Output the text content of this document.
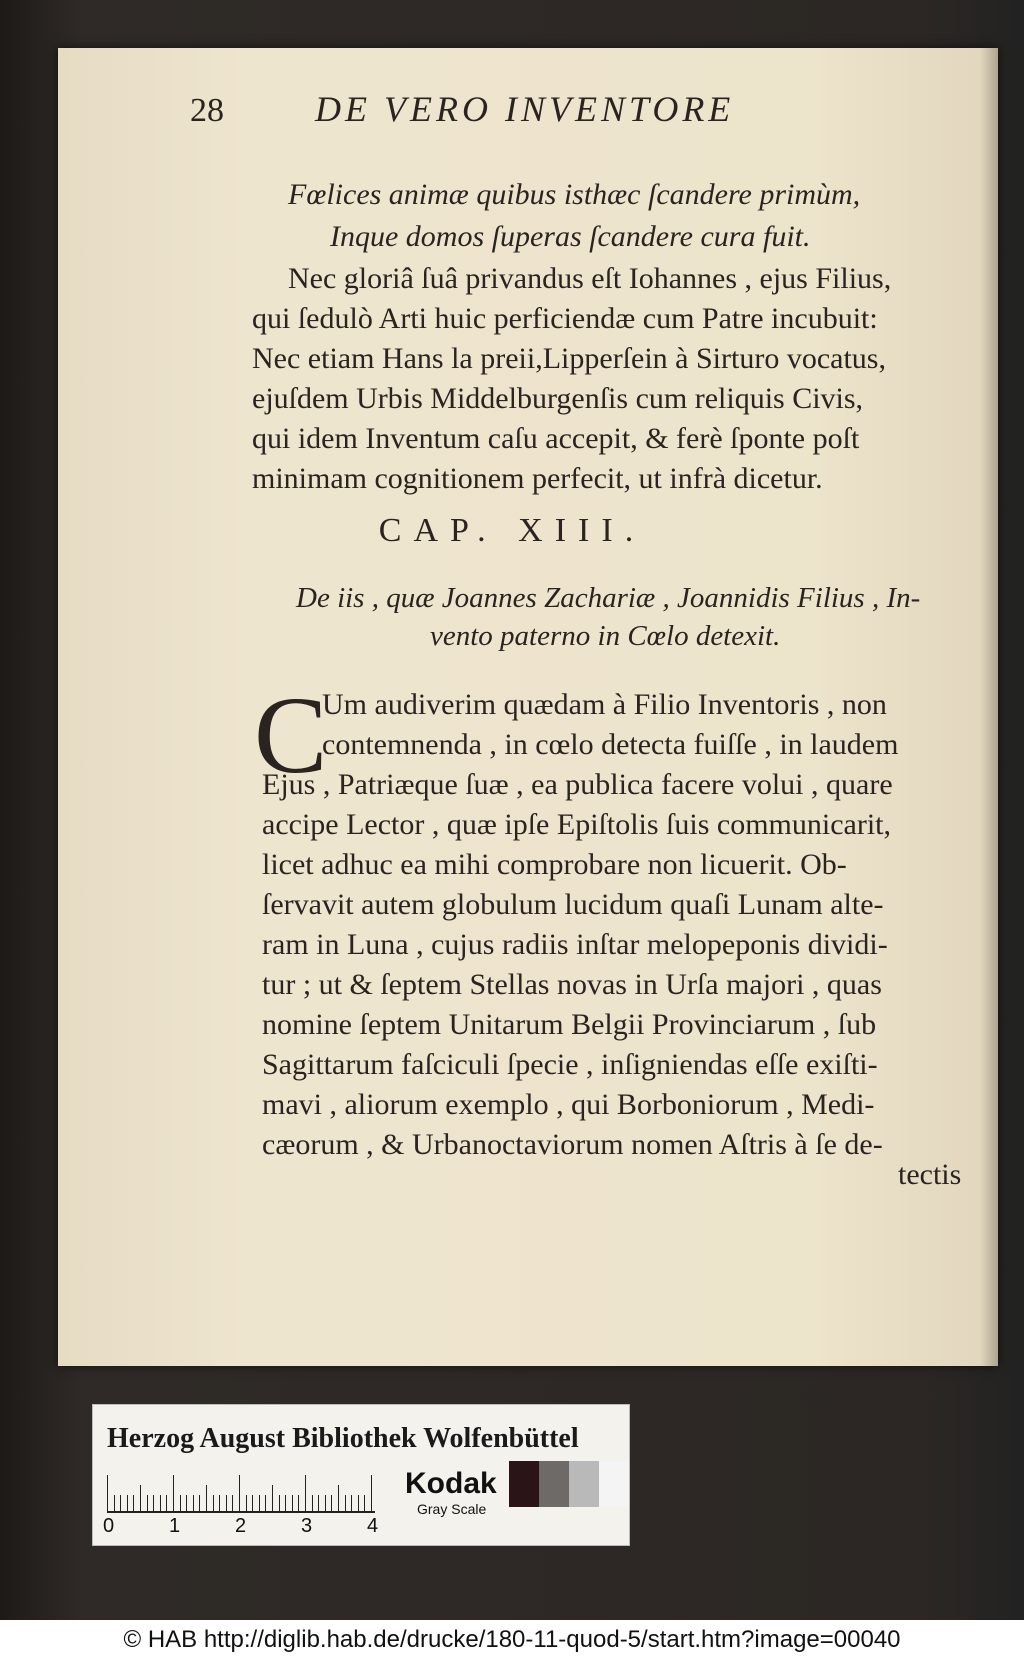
28	DE VERO INVENTORE
Fœlices animæ quibus isthæc ſcandere primùm,
Inque domos ſuperas ſcandere cura fuit.
Nec gloriâ ſuâ privandus eſt Iohannes , ejus Filius,
qui ſedulò Arti huic perficiendæ cum Patre incubuit:
Nec etiam Hans la preii,Lipperſein à Sirturo vocatus,
ejuſdem Urbis Middelburgenſis cum reliquis Civis,
qui idem Inventum caſu accepit, & ferè ſponte poſt
minimam cognitionem perfecit, ut infrà dicetur.
CAP. XIII.
De iis , quæ Joannes Zachariæ , Joannidis Filius , In-
vento paterno in Cœlo detexit.
C
Um audiverim quædam à Filio Inventoris , non
contemnenda , in cœlo detecta fuiſſe , in laudem
Ejus , Patriæque ſuæ , ea publica facere volui , quare
accipe Lector , quæ ipſe Epiſtolis ſuis communicarit,
licet adhuc ea mihi comprobare non licuerit. Ob-
ſervavit autem globulum lucidum quaſi Lunam alte-
ram in Luna , cujus radiis inſtar melopeponis dividi-
tur ; ut & ſeptem Stellas novas in Urſa majori , quas
nomine ſeptem Unitarum Belgii Provinciarum , ſub
Sagittarum faſciculi ſpecie , inſigniendas eſſe exiſti-
mavi , aliorum exemplo , qui Borboniorum , Medi-
cæorum , & Urbanoctaviorum nomen Aſtris à ſe de-
tectis
Herzog August Bibliothek Wolfenbüttel
0	1	2	3	4
Kodak
Gray Scale
© HAB http://diglib.hab.de/drucke/180-11-quod-5/start.htm?image=00040
